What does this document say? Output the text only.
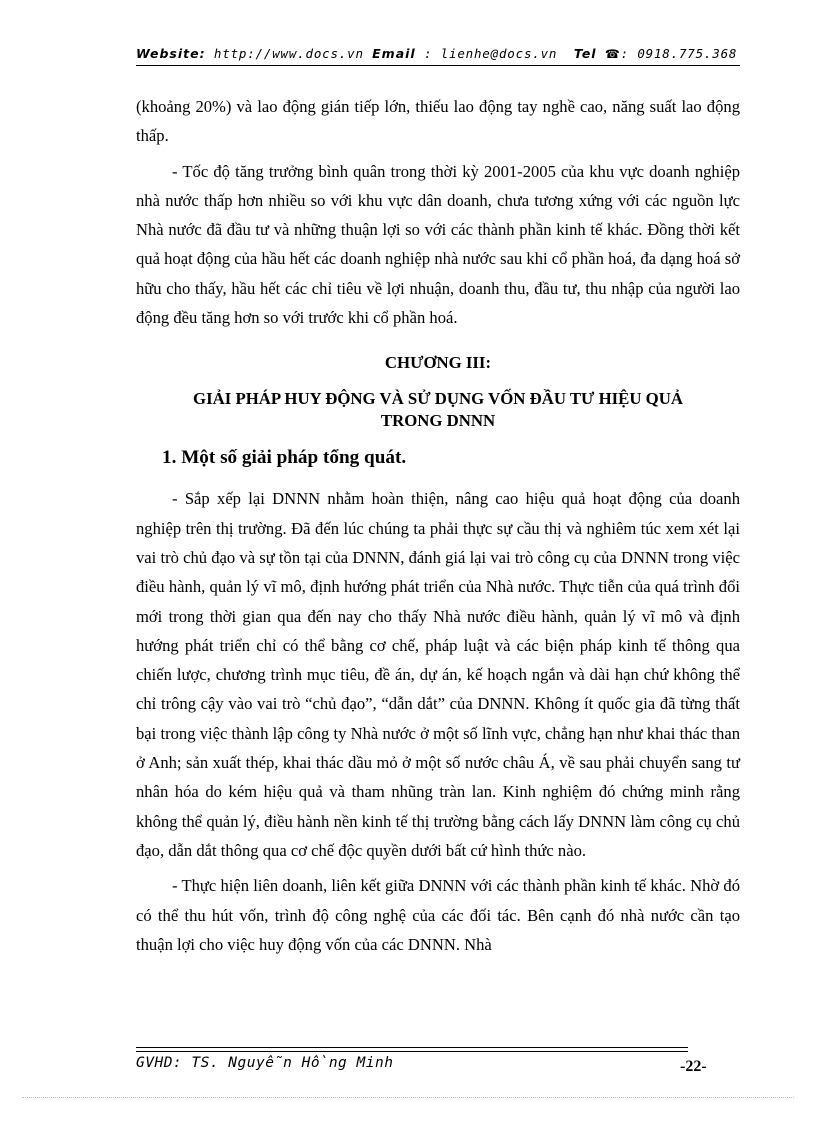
Website: http://www.docs.vn Email : lienhe@docs.vn Tel ☎: 0918.775.368

(khoảng 20%) và lao động gián tiếp lớn, thiếu lao động tay nghề cao, năng suất lao động thấp.

- Tốc độ tăng trưởng bình quân trong thời kỳ 2001-2005 của khu vực doanh nghiệp nhà nước thấp hơn nhiều so với khu vực dân doanh, chưa tương xứng với các nguồn lực Nhà nước đã đầu tư và những thuận lợi so với các thành phần kinh tế khác. Đồng thời kết quả hoạt động của hầu hết các doanh nghiệp nhà nước sau khi cổ phần hoá, đa dạng hoá sở hữu cho thấy, hầu hết các chỉ tiêu về lợi nhuận, doanh thu, đầu tư, thu nhập của người lao động đều tăng hơn so với trước khi cổ phần hoá.

CHƯƠNG III:

GIẢI PHÁP HUY ĐỘNG VÀ SỬ DỤNG VỐN ĐẦU TƯ HIỆU QUẢ TRONG DNNN

1. Một số giải pháp tổng quát.

- Sắp xếp lại DNNN nhằm hoàn thiện, nâng cao hiệu quả hoạt động của doanh nghiệp trên thị trường. Đã đến lúc chúng ta phải thực sự cầu thị và nghiêm túc xem xét lại vai trò chủ đạo và sự tồn tại của DNNN, đánh giá lại vai trò công cụ của DNNN trong việc điều hành, quản lý vĩ mô, định hướng phát triển của Nhà nước. Thực tiễn của quá trình đổi mới trong thời gian qua đến nay cho thấy Nhà nước điều hành, quản lý vĩ mô và định hướng phát triển chỉ có thể bằng cơ chế, pháp luật và các biện pháp kinh tế thông qua chiến lược, chương trình mục tiêu, đề án, dự án, kế hoạch ngắn và dài hạn chứ không thể chỉ trông cậy vào vai trò “chủ đạo”, “dẫn dắt” của DNNN. Không ít quốc gia đã từng thất bại trong việc thành lập công ty Nhà nước ở một số lĩnh vực, chẳng hạn như khai thác than ở Anh; sản xuất thép, khai thác dầu mỏ ở một số nước châu Á, về sau phải chuyển sang tư nhân hóa do kém hiệu quả và tham nhũng tràn lan. Kinh nghiệm đó chứng minh rằng không thể quản lý, điều hành nền kinh tế thị trường bằng cách lấy DNNN làm công cụ chủ đạo, dẫn dắt thông qua cơ chế độc quyền dưới bất cứ hình thức nào.

- Thực hiện liên doanh, liên kết giữa DNNN với các thành phần kinh tế khác. Nhờ đó có thể thu hút vốn, trình độ công nghệ của các đối tác. Bên cạnh đó nhà nước cần tạo thuận lợi cho việc huy động vốn của các DNNN. Nhà

GVHD: TS. Nguyễn Hồng Minh	-22-
